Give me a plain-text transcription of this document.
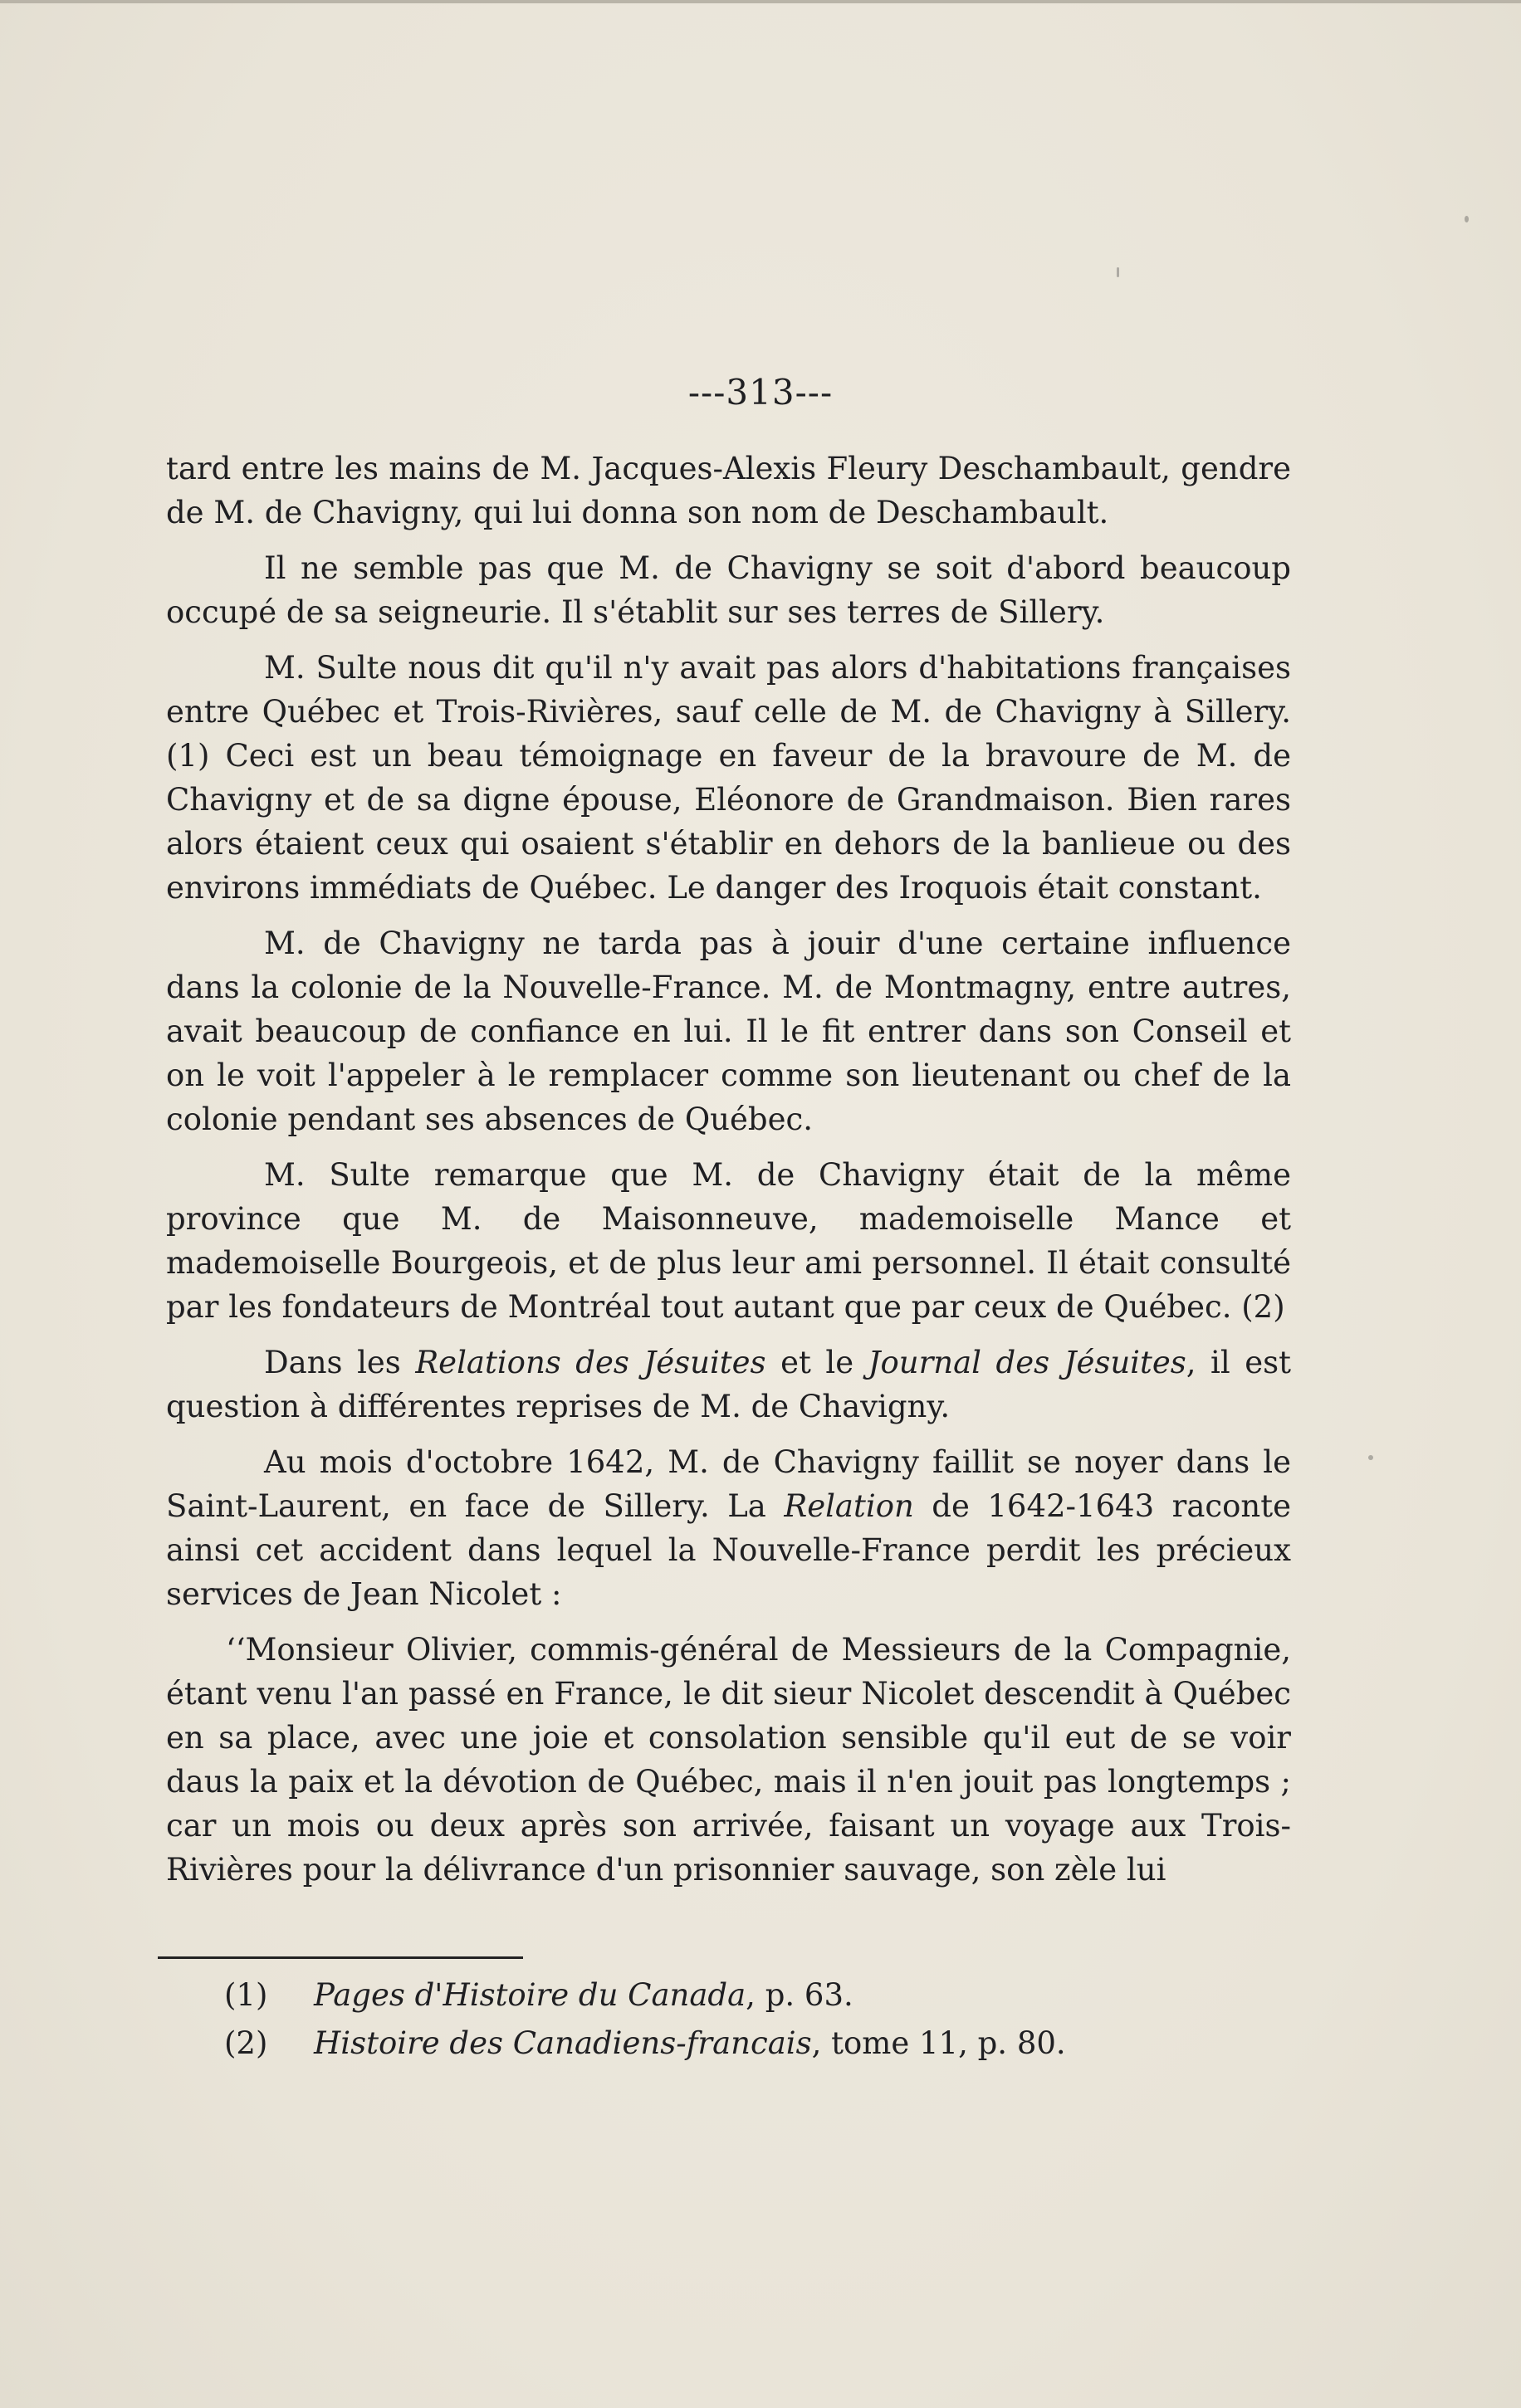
---313---

tard entre les mains de M. Jacques-Alexis Fleury Deschambault, gendre de M. de Chavigny, qui lui donna son nom de Deschambault.

Il ne semble pas que M. de Chavigny se soit d'abord beaucoup occupé de sa seigneurie. Il s'établit sur ses terres de Sillery.

M. Sulte nous dit qu'il n'y avait pas alors d'habitations françaises entre Québec et Trois-Rivières, sauf celle de M. de Chavigny à Sillery. (1) Ceci est un beau témoignage en faveur de la bravoure de M. de Chavigny et de sa digne épouse, Eléonore de Grandmaison. Bien rares alors étaient ceux qui osaient s'établir en dehors de la banlieue ou des environs immédiats de Québec. Le danger des Iroquois était constant.

M. de Chavigny ne tarda pas à jouir d'une certaine influence dans la colonie de la Nouvelle-France. M. de Montmagny, entre autres, avait beaucoup de confiance en lui. Il le fit entrer dans son Conseil et on le voit l'appeler à le remplacer comme son lieutenant ou chef de la colonie pendant ses absences de Québec.

M. Sulte remarque que M. de Chavigny était de la même province que M. de Maisonneuve, mademoiselle Mance et mademoiselle Bourgeois, et de plus leur ami personnel. Il était consulté par les fondateurs de Montréal tout autant que par ceux de Québec. (2)

Dans les Relations des Jésuites et le Journal des Jésuites, il est question à différentes reprises de M. de Chavigny.

Au mois d'octobre 1642, M. de Chavigny faillit se noyer dans le Saint-Laurent, en face de Sillery. La Relation de 1642-1643 raconte ainsi cet accident dans lequel la Nouvelle-France perdit les précieux services de Jean Nicolet :

‘‘Monsieur Olivier, commis-général de Messieurs de la Compagnie, étant venu l'an passé en France, le dit sieur Nicolet descendit à Québec en sa place, avec une joie et consolation sensible qu'il eut de se voir daus la paix et la dévotion de Québec, mais il n'en jouit pas longtemps ; car un mois ou deux après son arrivée, faisant un voyage aux Trois-Rivières pour la délivrance d'un prisonnier sauvage, son zèle lui

(1) Pages d'Histoire du Canada, p. 63.

(2) Histoire des Canadiens-francais, tome 11, p. 80.
